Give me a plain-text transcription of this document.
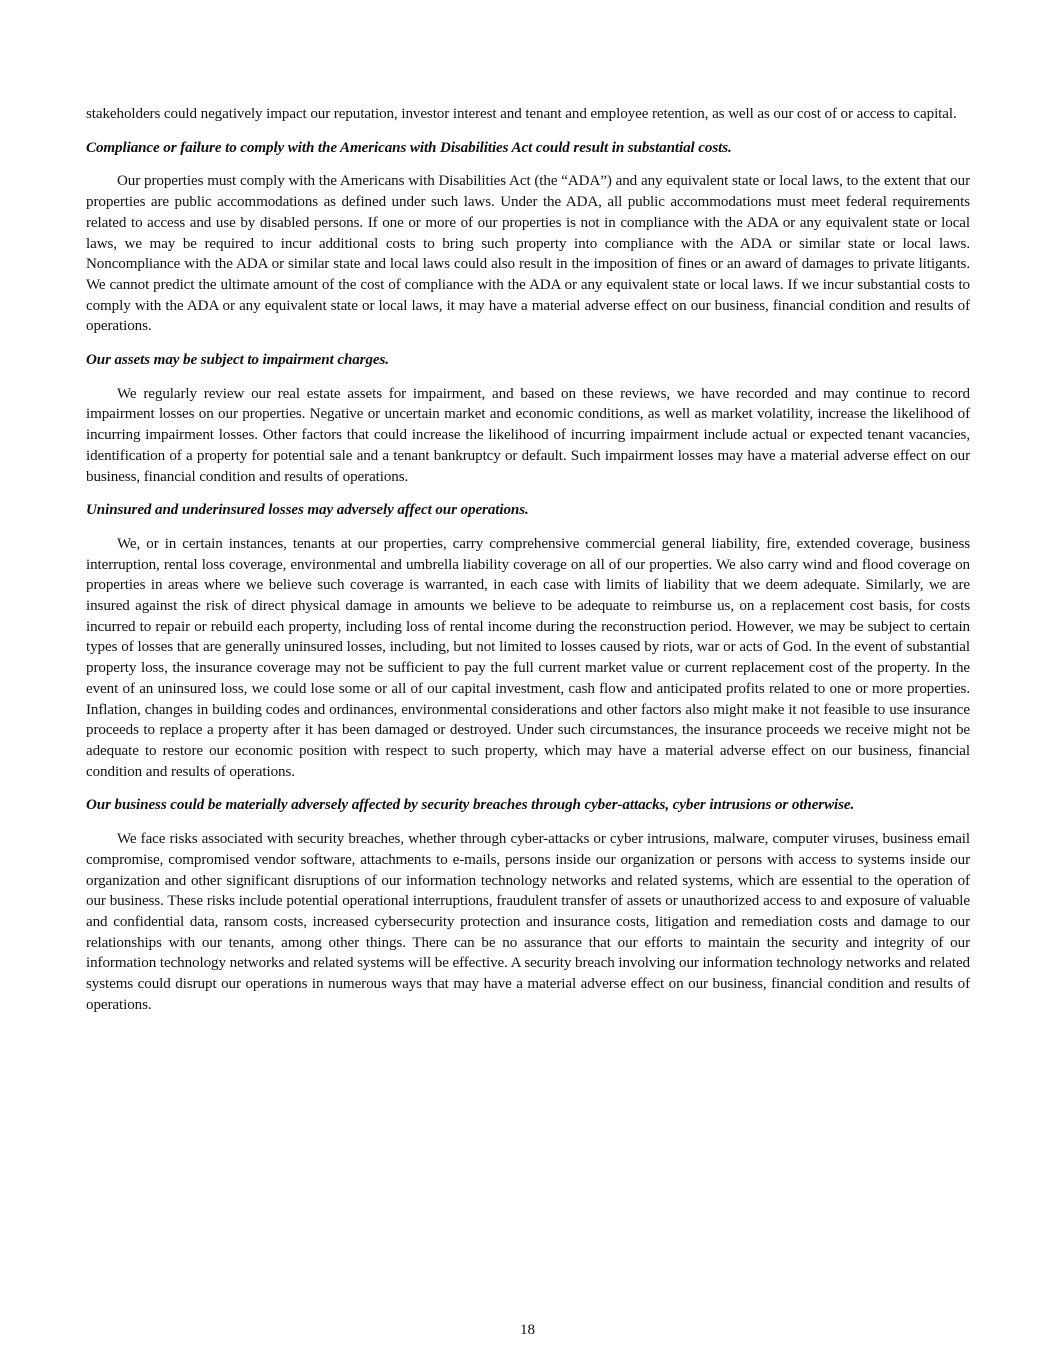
stakeholders could negatively impact our reputation, investor interest and tenant and employee retention, as well as our cost of or access to capital.

Compliance or failure to comply with the Americans with Disabilities Act could result in substantial costs.

Our properties must comply with the Americans with Disabilities Act (the “ADA”) and any equivalent state or local laws, to the extent that our properties are public accommodations as defined under such laws. Under the ADA, all public accommodations must meet federal requirements related to access and use by disabled persons. If one or more of our properties is not in compliance with the ADA or any equivalent state or local laws, we may be required to incur additional costs to bring such property into compliance with the ADA or similar state or local laws. Noncompliance with the ADA or similar state and local laws could also result in the imposition of fines or an award of damages to private litigants. We cannot predict the ultimate amount of the cost of compliance with the ADA or any equivalent state or local laws. If we incur substantial costs to comply with the ADA or any equivalent state or local laws, it may have a material adverse effect on our business, financial condition and results of operations.

Our assets may be subject to impairment charges.

We regularly review our real estate assets for impairment, and based on these reviews, we have recorded and may continue to record impairment losses on our properties. Negative or uncertain market and economic conditions, as well as market volatility, increase the likelihood of incurring impairment losses. Other factors that could increase the likelihood of incurring impairment include actual or expected tenant vacancies, identification of a property for potential sale and a tenant bankruptcy or default. Such impairment losses may have a material adverse effect on our business, financial condition and results of operations.

Uninsured and underinsured losses may adversely affect our operations.

We, or in certain instances, tenants at our properties, carry comprehensive commercial general liability, fire, extended coverage, business interruption, rental loss coverage, environmental and umbrella liability coverage on all of our properties. We also carry wind and flood coverage on properties in areas where we believe such coverage is warranted, in each case with limits of liability that we deem adequate. Similarly, we are insured against the risk of direct physical damage in amounts we believe to be adequate to reimburse us, on a replacement cost basis, for costs incurred to repair or rebuild each property, including loss of rental income during the reconstruction period. However, we may be subject to certain types of losses that are generally uninsured losses, including, but not limited to losses caused by riots, war or acts of God. In the event of substantial property loss, the insurance coverage may not be sufficient to pay the full current market value or current replacement cost of the property. In the event of an uninsured loss, we could lose some or all of our capital investment, cash flow and anticipated profits related to one or more properties. Inflation, changes in building codes and ordinances, environmental considerations and other factors also might make it not feasible to use insurance proceeds to replace a property after it has been damaged or destroyed. Under such circumstances, the insurance proceeds we receive might not be adequate to restore our economic position with respect to such property, which may have a material adverse effect on our business, financial condition and results of operations.

Our business could be materially adversely affected by security breaches through cyber-attacks, cyber intrusions or otherwise.

We face risks associated with security breaches, whether through cyber-attacks or cyber intrusions, malware, computer viruses, business email compromise, compromised vendor software, attachments to e-mails, persons inside our organization or persons with access to systems inside our organization and other significant disruptions of our information technology networks and related systems, which are essential to the operation of our business. These risks include potential operational interruptions, fraudulent transfer of assets or unauthorized access to and exposure of valuable and confidential data, ransom costs, increased cybersecurity protection and insurance costs, litigation and remediation costs and damage to our relationships with our tenants, among other things. There can be no assurance that our efforts to maintain the security and integrity of our information technology networks and related systems will be effective. A security breach involving our information technology networks and related systems could disrupt our operations in numerous ways that may have a material adverse effect on our business, financial condition and results of operations.

18
